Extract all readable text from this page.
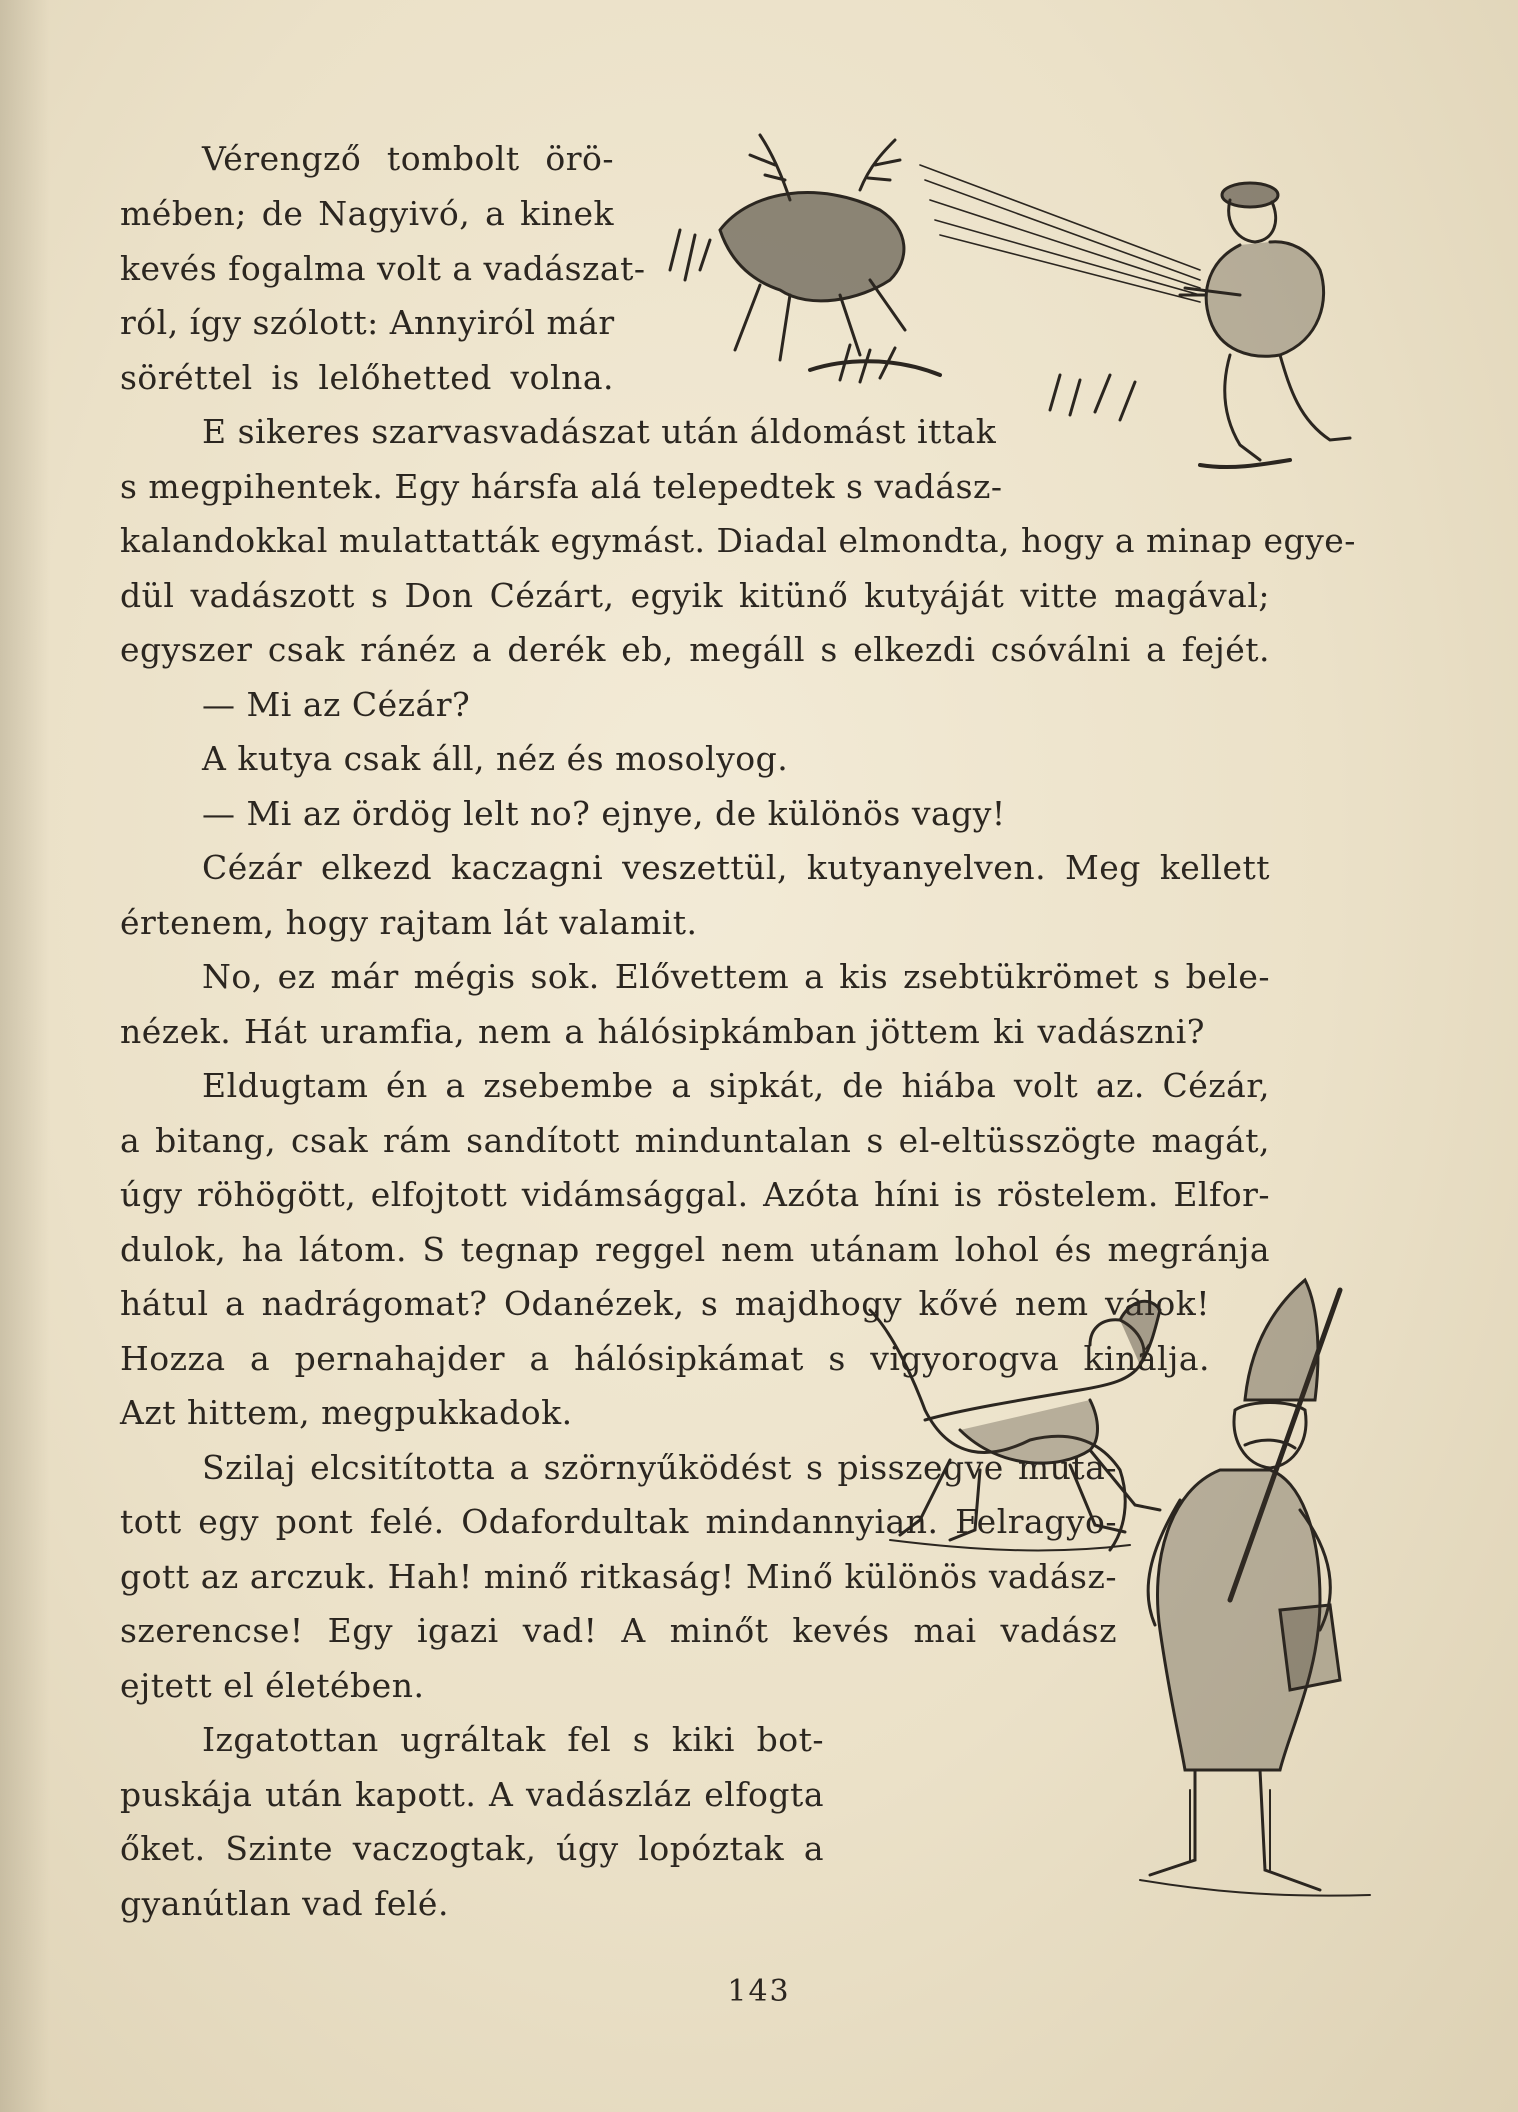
Vérengző tombolt örö-

mében; de Nagyivó, a kinek

kevés fogalma volt a vadászat-

ról, így szólott: Annyiról már

söréttel is lelőhetted volna.

E sikeres szarvasvadászat után áldomást ittak

s megpihentek. Egy hársfa alá telepedtek s vadász-

kalandokkal mulattatták egymást. Diadal elmondta, hogy a minap egye-

dül vadászott s Don Cézárt, egyik kitünő kutyáját vitte magával;

egyszer csak ránéz a derék eb, megáll s elkezdi csóválni a fejét.

— Mi az Cézár?

A kutya csak áll, néz és mosolyog.

— Mi az ördög lelt no? ejnye, de különös vagy!

Cézár elkezd kaczagni veszettül, kutyanyelven. Meg kellett

értenem, hogy rajtam lát valamit.

No, ez már mégis sok. Elővettem a kis zsebtükrömet s bele-

nézek. Hát uramfia, nem a hálósipkámban jöttem ki vadászni?

Eldugtam én a zsebembe a sipkát, de hiába volt az. Cézár,

a bitang, csak rám sandított minduntalan s el-eltüsszögte magát,

úgy röhögött, elfojtott vidámsággal. Azóta híni is röstelem. Elfor-

dulok, ha látom. S tegnap reggel nem utánam lohol és megránja

hátul a nadrágomat? Odanézek, s majdhogy kővé nem válok!

Hozza a pernahajder a hálósipkámat s vigyorogva kinálja.

Azt hittem, megpukkadok.

Szilaj elcsitította a szörnyűködést s pisszegve muta-

tott egy pont felé. Odafordultak mindannyian. Felragyo-

gott az arczuk. Hah! minő ritkaság! Minő különös vadász-

szerencse! Egy igazi vad! A minőt kevés mai vadász

ejtett el életében.

Izgatottan ugráltak fel s kiki bot-

puskája után kapott. A vadászláz elfogta

őket. Szinte vaczogtak, úgy lopóztak a

gyanútlan vad felé.

143
